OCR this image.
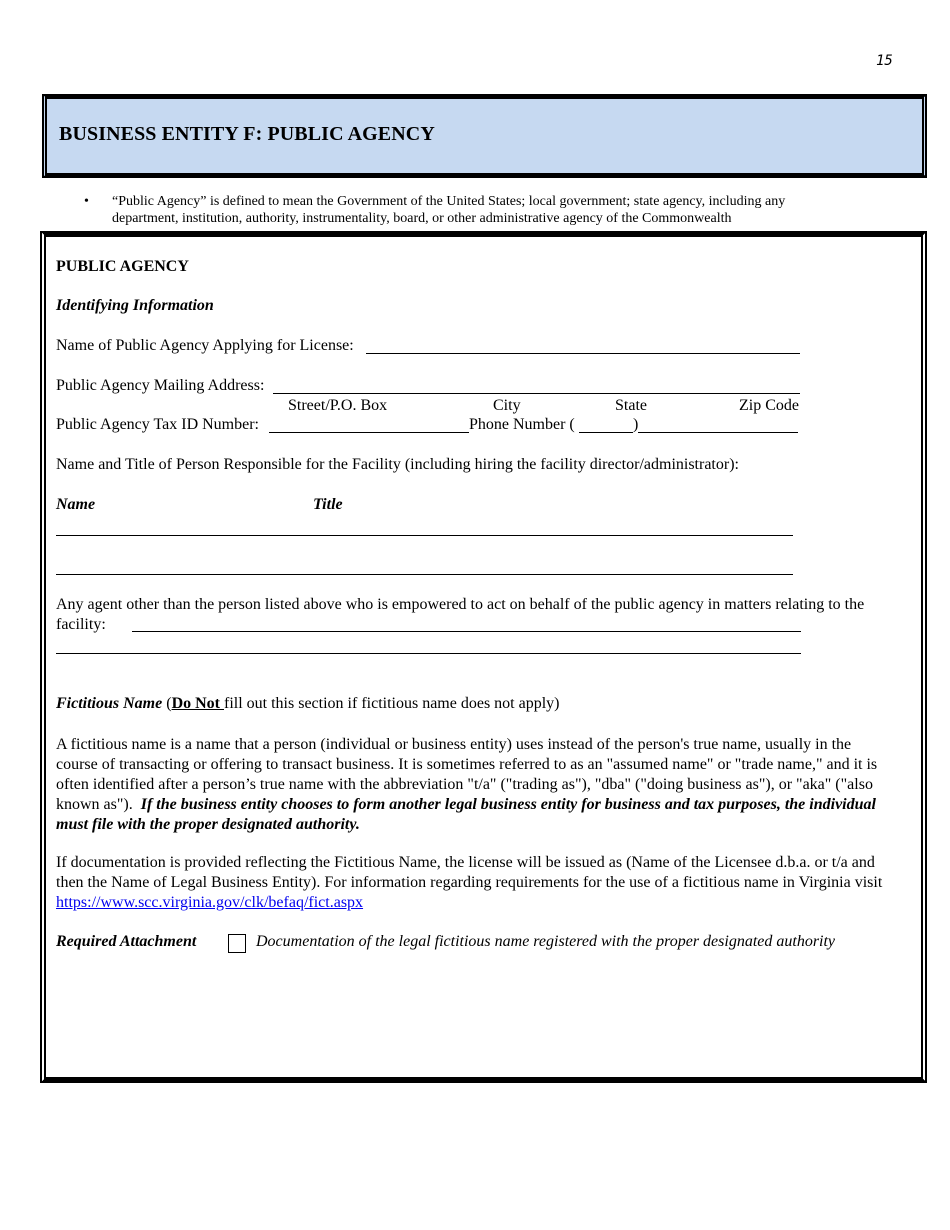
15
BUSINESS ENTITY F: PUBLIC AGENCY
• “Public Agency” is defined to mean the Government of the United States; local government; state agency, including any department, institution, authority, instrumentality, board, or other administrative agency of the Commonwealth
PUBLIC AGENCY
Identifying Information
Name of Public Agency Applying for License:
Public Agency Mailing Address:
Street/P.O. Box	City	State	Zip Code
Public Agency Tax ID Number:	Phone Number (	)
Name and Title of Person Responsible for the Facility (including hiring the facility director/administrator):
Name	Title
Any agent other than the person listed above who is empowered to act on behalf of the public agency in matters relating to the facility:
Fictitious Name (Do Not fill out this section if fictitious name does not apply)
A fictitious name is a name that a person (individual or business entity) uses instead of the person's true name, usually in the course of transacting or offering to transact business. It is sometimes referred to as an "assumed name" or "trade name," and it is often identified after a person’s true name with the abbreviation "t/a" ("trading as"), "dba" ("doing business as"), or "aka" ("also known as"). If the business entity chooses to form another legal business entity for business and tax purposes, the individual must file with the proper designated authority.
If documentation is provided reflecting the Fictitious Name, the license will be issued as (Name of the Licensee d.b.a. or t/a and then the Name of Legal Business Entity). For information regarding requirements for the use of a fictitious name in Virginia visit https://www.scc.virginia.gov/clk/befaq/fict.aspx
Required Attachment	Documentation of the legal fictitious name registered with the proper designated authority
